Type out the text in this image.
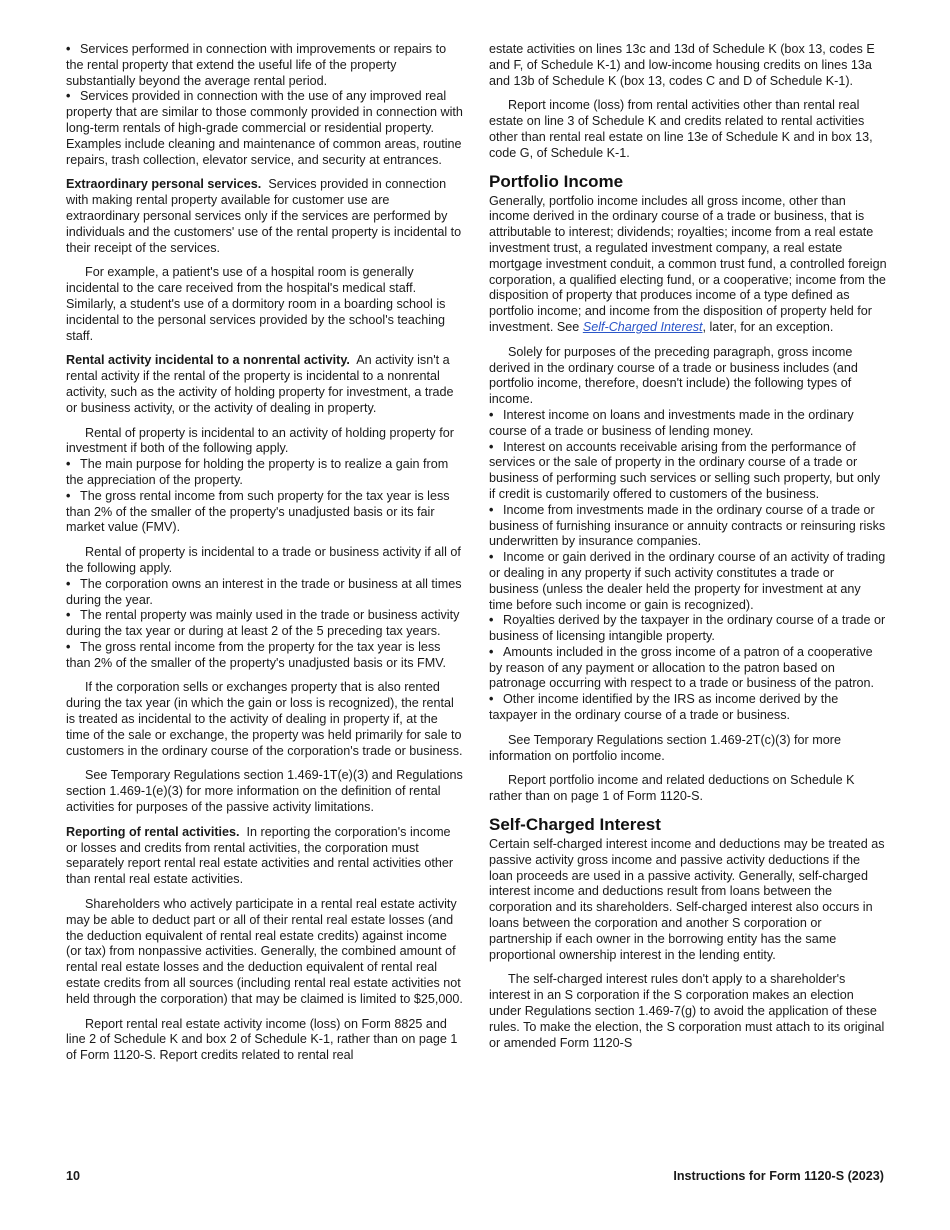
• Services performed in connection with improvements or repairs to the rental property that extend the useful life of the property substantially beyond the average rental period.

• Services provided in connection with the use of any improved real property that are similar to those commonly provided in connection with long-term rentals of high-grade commercial or residential property. Examples include cleaning and maintenance of common areas, routine repairs, trash collection, elevator service, and security at entrances.

Extraordinary personal services. Services provided in connection with making rental property available for customer use are extraordinary personal services only if the services are performed by individuals and the customers' use of the rental property is incidental to their receipt of the services.

For example, a patient's use of a hospital room is generally incidental to the care received from the hospital's medical staff. Similarly, a student's use of a dormitory room in a boarding school is incidental to the personal services provided by the school's teaching staff.

Rental activity incidental to a nonrental activity. An activity isn't a rental activity if the rental of the property is incidental to a nonrental activity, such as the activity of holding property for investment, a trade or business activity, or the activity of dealing in property.

Rental of property is incidental to an activity of holding property for investment if both of the following apply.

• The main purpose for holding the property is to realize a gain from the appreciation of the property.

• The gross rental income from such property for the tax year is less than 2% of the smaller of the property's unadjusted basis or its fair market value (FMV).

Rental of property is incidental to a trade or business activity if all of the following apply.

• The corporation owns an interest in the trade or business at all times during the year.

• The rental property was mainly used in the trade or business activity during the tax year or during at least 2 of the 5 preceding tax years.

• The gross rental income from the property for the tax year is less than 2% of the smaller of the property's unadjusted basis or its FMV.

If the corporation sells or exchanges property that is also rented during the tax year (in which the gain or loss is recognized), the rental is treated as incidental to the activity of dealing in property if, at the time of the sale or exchange, the property was held primarily for sale to customers in the ordinary course of the corporation's trade or business.

See Temporary Regulations section 1.469-1T(e)(3) and Regulations section 1.469-1(e)(3) for more information on the definition of rental activities for purposes of the passive activity limitations.

Reporting of rental activities. In reporting the corporation's income or losses and credits from rental activities, the corporation must separately report rental real estate activities and rental activities other than rental real estate activities.

Shareholders who actively participate in a rental real estate activity may be able to deduct part or all of their rental real estate losses (and the deduction equivalent of rental real estate credits) against income (or tax) from nonpassive activities. Generally, the combined amount of rental real estate losses and the deduction equivalent of rental real estate credits from all sources (including rental real estate activities not held through the corporation) that may be claimed is limited to $25,000.

Report rental real estate activity income (loss) on Form 8825 and line 2 of Schedule K and box 2 of Schedule K-1, rather than on page 1 of Form 1120-S. Report credits related to rental real

estate activities on lines 13c and 13d of Schedule K (box 13, codes E and F, of Schedule K-1) and low-income housing credits on lines 13a and 13b of Schedule K (box 13, codes C and D of Schedule K-1).

Report income (loss) from rental activities other than rental real estate on line 3 of Schedule K and credits related to rental activities other than rental real estate on line 13e of Schedule K and in box 13, code G, of Schedule K-1.

Portfolio Income

Generally, portfolio income includes all gross income, other than income derived in the ordinary course of a trade or business, that is attributable to interest; dividends; royalties; income from a real estate investment trust, a regulated investment company, a real estate mortgage investment conduit, a common trust fund, a controlled foreign corporation, a qualified electing fund, or a cooperative; income from the disposition of property that produces income of a type defined as portfolio income; and income from the disposition of property held for investment. See Self-Charged Interest, later, for an exception.

Solely for purposes of the preceding paragraph, gross income derived in the ordinary course of a trade or business includes (and portfolio income, therefore, doesn't include) the following types of income.

• Interest income on loans and investments made in the ordinary course of a trade or business of lending money.

• Interest on accounts receivable arising from the performance of services or the sale of property in the ordinary course of a trade or business of performing such services or selling such property, but only if credit is customarily offered to customers of the business.

• Income from investments made in the ordinary course of a trade or business of furnishing insurance or annuity contracts or reinsuring risks underwritten by insurance companies.

• Income or gain derived in the ordinary course of an activity of trading or dealing in any property if such activity constitutes a trade or business (unless the dealer held the property for investment at any time before such income or gain is recognized).

• Royalties derived by the taxpayer in the ordinary course of a trade or business of licensing intangible property.

• Amounts included in the gross income of a patron of a cooperative by reason of any payment or allocation to the patron based on patronage occurring with respect to a trade or business of the patron.

• Other income identified by the IRS as income derived by the taxpayer in the ordinary course of a trade or business.

See Temporary Regulations section 1.469-2T(c)(3) for more information on portfolio income.

Report portfolio income and related deductions on Schedule K rather than on page 1 of Form 1120-S.

Self-Charged Interest

Certain self-charged interest income and deductions may be treated as passive activity gross income and passive activity deductions if the loan proceeds are used in a passive activity. Generally, self-charged interest income and deductions result from loans between the corporation and its shareholders. Self-charged interest also occurs in loans between the corporation and another S corporation or partnership if each owner in the borrowing entity has the same proportional ownership interest in the lending entity.

The self-charged interest rules don't apply to a shareholder's interest in an S corporation if the S corporation makes an election under Regulations section 1.469-7(g) to avoid the application of these rules. To make the election, the S corporation must attach to its original or amended Form 1120-S

10	Instructions for Form 1120-S (2023)
